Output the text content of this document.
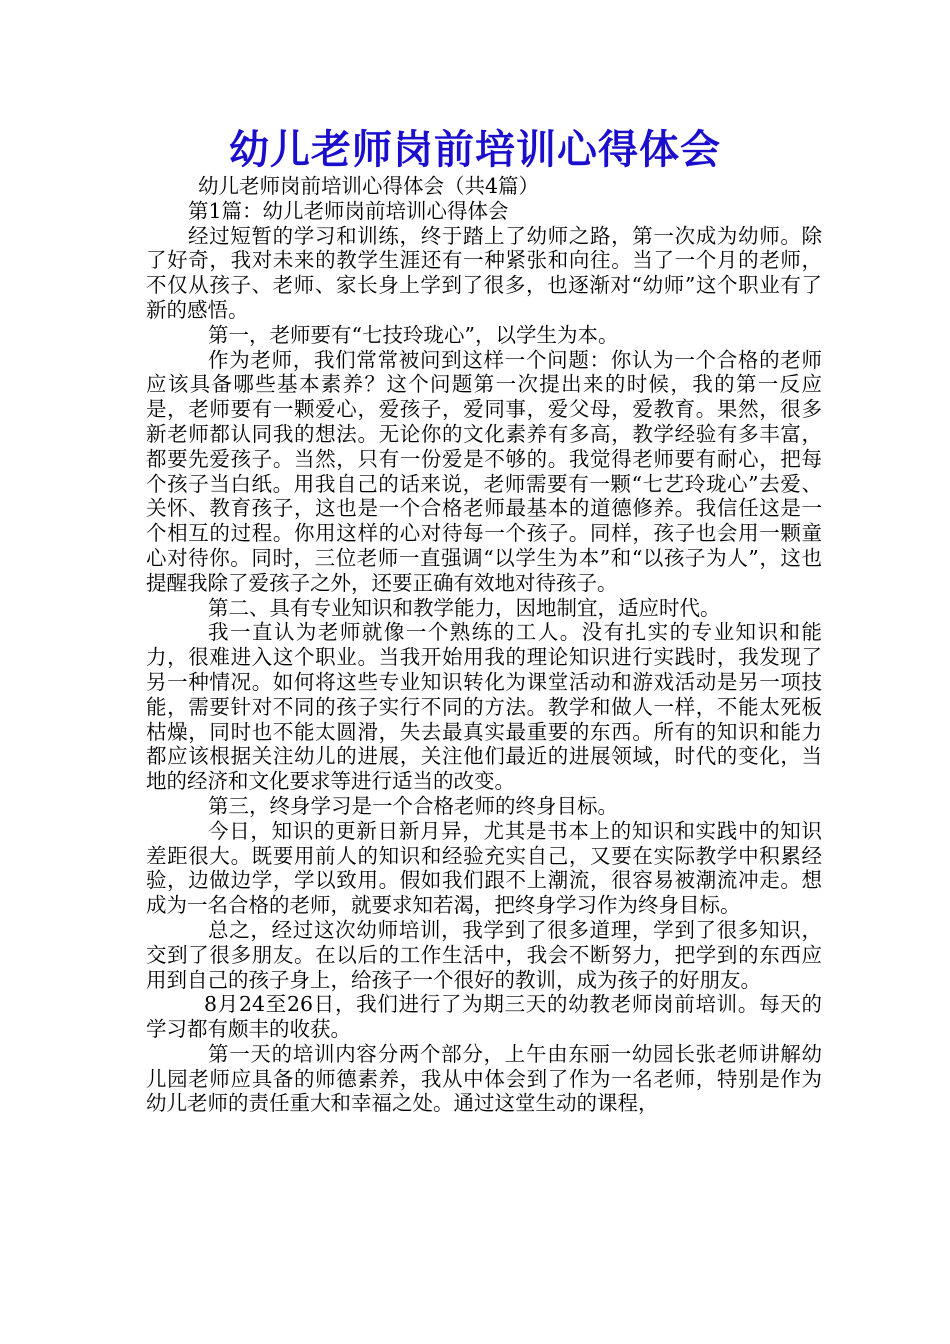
幼儿老师岗前培训心得体会

幼儿老师岗前培训心得体会（共4篇）

第1篇：幼儿老师岗前培训心得体会

经过短暂的学习和训练，终于踏上了幼师之路，第一次成为幼师。除了好奇，我对未来的教学生涯还有一种紧张和向往。当了一个月的老师，不仅从孩子、老师、家长身上学到了很多，也逐渐对“幼师”这个职业有了新的感悟。

第一，老师要有“七技玲珑心”，以学生为本。

作为老师，我们常常被问到这样一个问题：你认为一个合格的老师应该具备哪些基本素养？这个问题第一次提出来的时候，我的第一反应是，老师要有一颗爱心，爱孩子，爱同事，爱父母，爱教育。果然，很多新老师都认同我的想法。无论你的文化素养有多高，教学经验有多丰富，都要先爱孩子。当然，只有一份爱是不够的。我觉得老师要有耐心，把每个孩子当白纸。用我自己的话来说，老师需要有一颗“七艺玲珑心”去爱、关怀、教育孩子，这也是一个合格老师最基本的道德修养。我信任这是一个相互的过程。你用这样的心对待每一个孩子。同样，孩子也会用一颗童心对待你。同时，三位老师一直强调“以学生为本”和“以孩子为人”，这也提醒我除了爱孩子之外，还要正确有效地对待孩子。

第二、具有专业知识和教学能力，因地制宜，适应时代。

我一直认为老师就像一个熟练的工人。没有扎实的专业知识和能力，很难进入这个职业。当我开始用我的理论知识进行实践时，我发现了另一种情况。如何将这些专业知识转化为课堂活动和游戏活动是另一项技能，需要针对不同的孩子实行不同的方法。教学和做人一样，不能太死板枯燥，同时也不能太圆滑，失去最真实最重要的东西。所有的知识和能力都应该根据关注幼儿的进展，关注他们最近的进展领域，时代的变化，当地的经济和文化要求等进行适当的改变。

第三，终身学习是一个合格老师的终身目标。

今日，知识的更新日新月异，尤其是书本上的知识和实践中的知识差距很大。既要用前人的知识和经验充实自己，又要在实际教学中积累经验，边做边学，学以致用。假如我们跟不上潮流，很容易被潮流冲走。想成为一名合格的老师，就要求知若渴，把终身学习作为终身目标。

总之，经过这次幼师培训，我学到了很多道理，学到了很多知识，交到了很多朋友。在以后的工作生活中，我会不断努力，把学到的东西应用到自己的孩子身上，给孩子一个很好的教训，成为孩子的好朋友。

8月24至26日，我们进行了为期三天的幼教老师岗前培训。每天的学习都有颇丰的收获。

第一天的培训内容分两个部分，上午由东丽一幼园长张老师讲解幼儿园老师应具备的师德素养，我从中体会到了作为一名老师，特别是作为幼儿老师的责任重大和幸福之处。通过这堂生动的课程，
